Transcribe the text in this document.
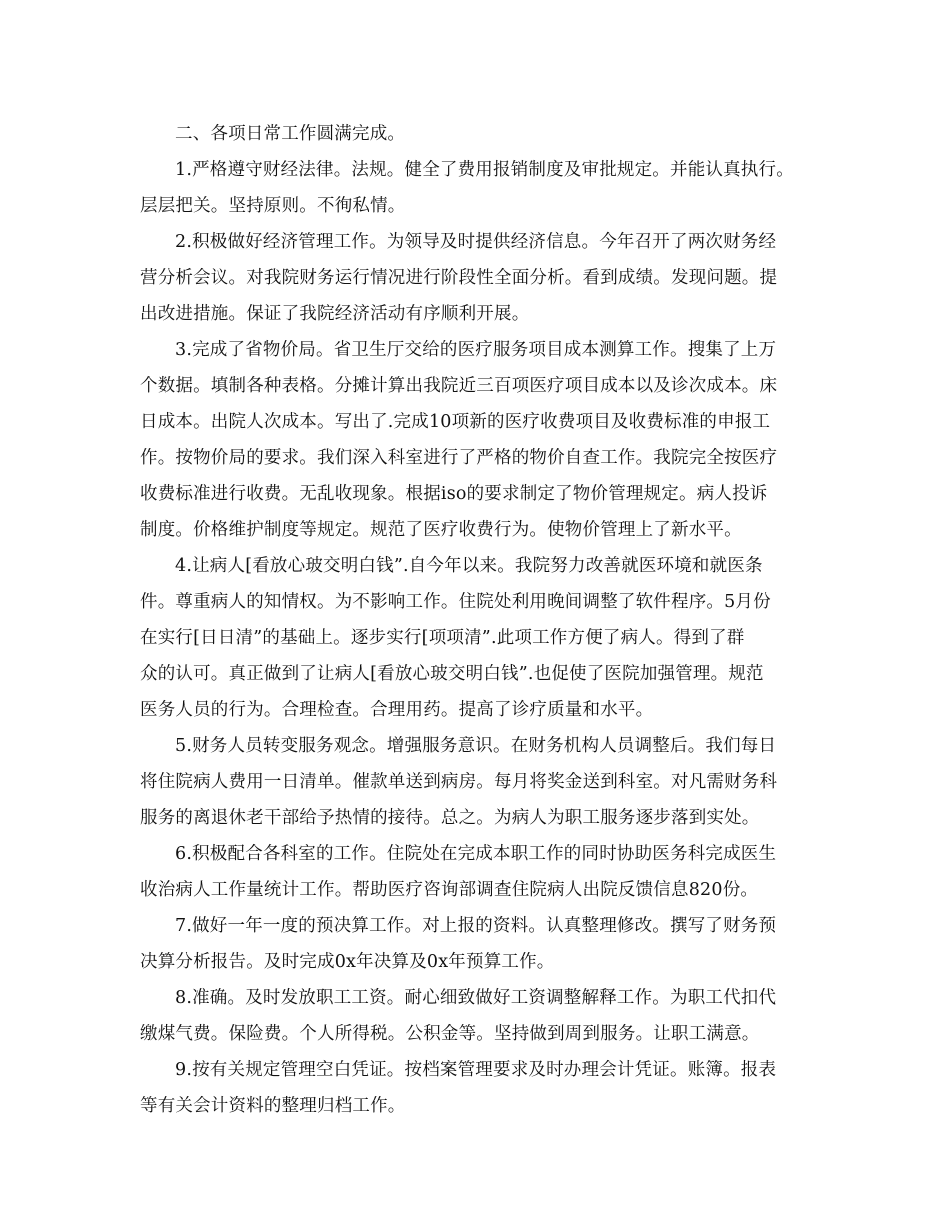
二、各项日常工作圆满完成。
1.严格遵守财经法律。法规。健全了费用报销制度及审批规定。并能认真执行。
层层把关。坚持原则。不徇私情。
2.积极做好经济管理工作。为领导及时提供经济信息。今年召开了两次财务经
营分析会议。对我院财务运行情况进行阶段性全面分析。看到成绩。发现问题。提
出改进措施。保证了我院经济活动有序顺利开展。
3.完成了省物价局。省卫生厅交给的医疗服务项目成本测算工作。搜集了上万
个数据。填制各种表格。分摊计算出我院近三百项医疗项目成本以及诊次成本。床
日成本。出院人次成本。写出了.完成10项新的医疗收费项目及收费标准的申报工
作。按物价局的要求。我们深入科室进行了严格的物价自查工作。我院完全按医疗
收费标准进行收费。无乱收现象。根据iso的要求制定了物价管理规定。病人投诉
制度。价格维护制度等规定。规范了医疗收费行为。使物价管理上了新水平。
4.让病人[看放心玻交明白钱”.自今年以来。我院努力改善就医环境和就医条
件。尊重病人的知情权。为不影响工作。住院处利用晚间调整了软件程序。5月份
在实行[日日清”的基础上。逐步实行[项项清”.此项工作方便了病人。得到了群
众的认可。真正做到了让病人[看放心玻交明白钱”.也促使了医院加强管理。规范
医务人员的行为。合理检查。合理用药。提高了诊疗质量和水平。
5.财务人员转变服务观念。增强服务意识。在财务机构人员调整后。我们每日
将住院病人费用一日清单。催款单送到病房。每月将奖金送到科室。对凡需财务科
服务的离退休老干部给予热情的接待。总之。为病人为职工服务逐步落到实处。
6.积极配合各科室的工作。住院处在完成本职工作的同时协助医务科完成医生
收治病人工作量统计工作。帮助医疗咨询部调查住院病人出院反馈信息820份。
7.做好一年一度的预决算工作。对上报的资料。认真整理修改。撰写了财务预
决算分析报告。及时完成0x年决算及0x年预算工作。
8.准确。及时发放职工工资。耐心细致做好工资调整解释工作。为职工代扣代
缴煤气费。保险费。个人所得税。公积金等。坚持做到周到服务。让职工满意。
9.按有关规定管理空白凭证。按档案管理要求及时办理会计凭证。账簿。报表
等有关会计资料的整理归档工作。
